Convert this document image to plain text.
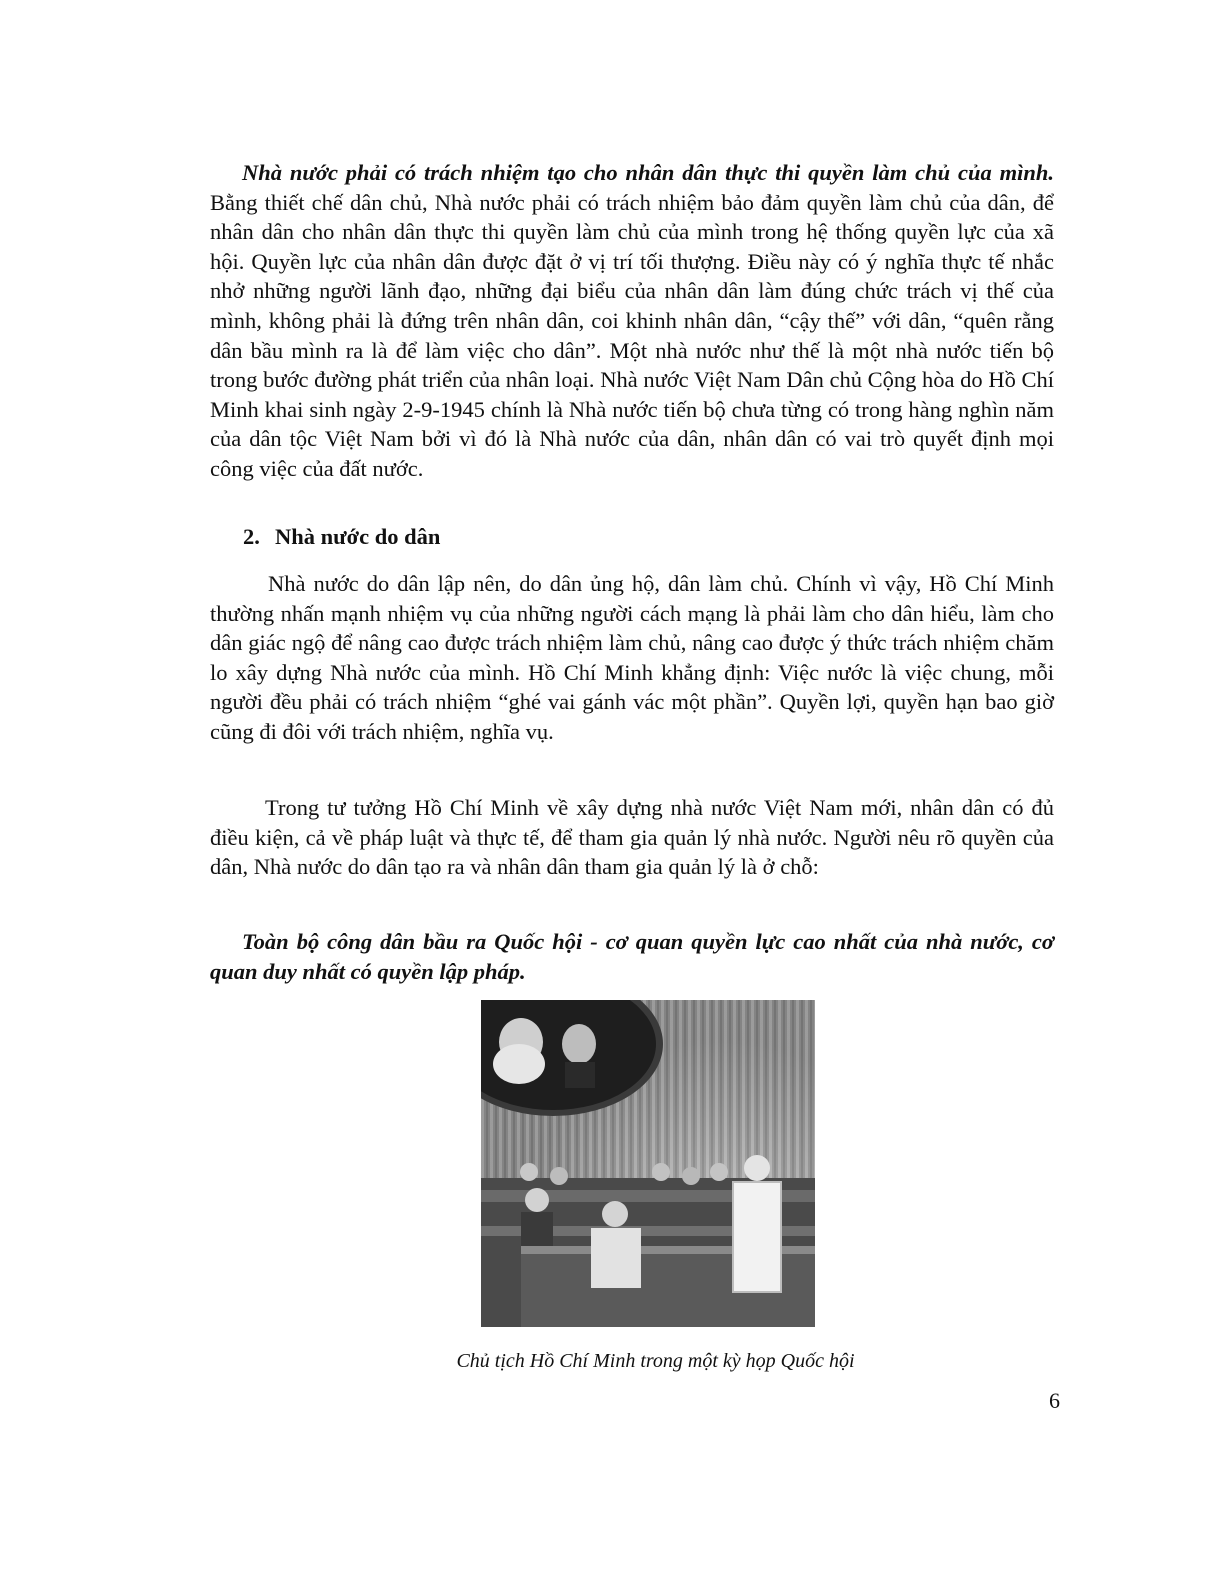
Nhà nước phải có trách nhiệm tạo cho nhân dân thực thi quyền làm chủ của mình. Bằng thiết chế dân chủ, Nhà nước phải có trách nhiệm bảo đảm quyền làm chủ của dân, để nhân dân cho nhân dân thực thi quyền làm chủ của mình trong hệ thống quyền lực của xã hội. Quyền lực của nhân dân được đặt ở vị trí tối thượng. Điều này có ý nghĩa thực tế nhắc nhở những người lãnh đạo, những đại biểu của nhân dân làm đúng chức trách vị thế của mình, không phải là đứng trên nhân dân, coi khinh nhân dân, “cậy thế” với dân, “quên rằng dân bầu mình ra là để làm việc cho dân”. Một nhà nước như thế là một nhà nước tiến bộ trong bước đường phát triển của nhân loại. Nhà nước Việt Nam Dân chủ Cộng hòa do Hồ Chí Minh khai sinh ngày 2-9-1945 chính là Nhà nước tiến bộ chưa từng có trong hàng nghìn năm của dân tộc Việt Nam bởi vì đó là Nhà nước của dân, nhân dân có vai trò quyết định mọi công việc của đất nước.

2. Nhà nước do dân

Nhà nước do dân lập nên, do dân ủng hộ, dân làm chủ. Chính vì vậy, Hồ Chí Minh thường nhấn mạnh nhiệm vụ của những người cách mạng là phải làm cho dân hiểu, làm cho dân giác ngộ để nâng cao được trách nhiệm làm chủ, nâng cao được ý thức trách nhiệm chăm lo xây dựng Nhà nước của mình. Hồ Chí Minh khẳng định: Việc nước là việc chung, mỗi người đều phải có trách nhiệm “ghé vai gánh vác một phần”. Quyền lợi, quyền hạn bao giờ cũng đi đôi với trách nhiệm, nghĩa vụ.

Trong tư tưởng Hồ Chí Minh về xây dựng nhà nước Việt Nam mới, nhân dân có đủ điều kiện, cả về pháp luật và thực tế, để tham gia quản lý nhà nước. Người nêu rõ quyền của dân, Nhà nước do dân tạo ra và nhân dân tham gia quản lý là ở chỗ:

Toàn bộ công dân bầu ra Quốc hội - cơ quan quyền lực cao nhất của nhà nước, cơ quan duy nhất có quyền lập pháp.

Chủ tịch Hồ Chí Minh trong một kỳ họp Quốc hội
6
